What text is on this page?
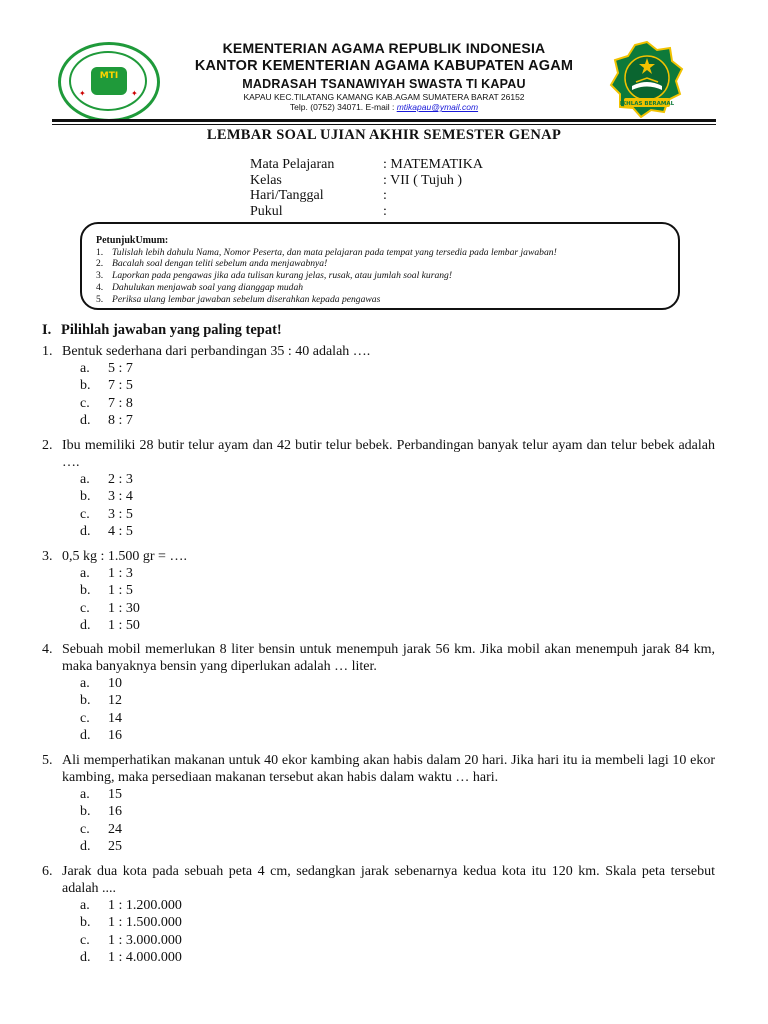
MTI
✦	✦
KEMENTERIAN AGAMA REPUBLIK INDONESIA
KANTOR KEMENTERIAN AGAMA KABUPATEN AGAM
MADRASAH TSANAWIYAH SWASTA TI KAPAU
KAPAU KEC.TILATANG KAMANG KAB.AGAM SUMATERA BARAT 26152
Telp. (0752) 34071. E-mail : mtikapau@ymail.com	IKHLAS BERAMAL
LEMBAR SOAL UJIAN AKHIR SEMESTER GENAP
Mata Pelajaran	: MATEMATIKA
Kelas	: VII ( Tujuh )
Hari/Tanggal	:
Pukul	:
PetunjukUmum:
1. Tulislah lebih dahulu Nama, Nomor Peserta, dan mata pelajaran pada tempat yang tersedia pada lembar jawaban!
2. Bacalah soal dengan teliti sebelum anda menjawabnya!
3. Laporkan pada pengawas jika ada tulisan kurang jelas, rusak, atau jumlah soal kurang!
4. Dahulukan menjawab soal yang dianggap mudah
5. Periksa ulang lembar jawaban sebelum diserahkan kepada pengawas
I. Pilihlah jawaban yang paling tepat!
1. Bentuk sederhana dari perbandingan 35 : 40 adalah ….
a. 5 : 7
b. 7 : 5
c. 7 : 8
d. 8 : 7
2. Ibu memiliki 28 butir telur ayam dan 42 butir telur bebek. Perbandingan banyak telur ayam dan telur bebek adalah ….
a. 2 : 3
b. 3 : 4
c. 3 : 5
d. 4 : 5
3. 0,5 kg : 1.500 gr = ….
a. 1 : 3
b. 1 : 5
c. 1 : 30
d. 1 : 50
4. Sebuah mobil memerlukan 8 liter bensin untuk menempuh jarak 56 km. Jika mobil akan menempuh jarak 84 km, maka banyaknya bensin yang diperlukan adalah … liter.
a. 10
b. 12
c. 14
d. 16
5. Ali memperhatikan makanan untuk 40 ekor kambing akan habis dalam 20 hari. Jika hari itu ia membeli lagi 10 ekor kambing, maka persediaan makanan tersebut akan habis dalam waktu … hari.
a. 15
b. 16
c. 24
d. 25
6. Jarak dua kota pada sebuah peta 4 cm, sedangkan jarak sebenarnya kedua kota itu 120 km. Skala peta tersebut adalah ....
a. 1 : 1.200.000
b. 1 : 1.500.000
c. 1 : 3.000.000
d. 1 : 4.000.000
